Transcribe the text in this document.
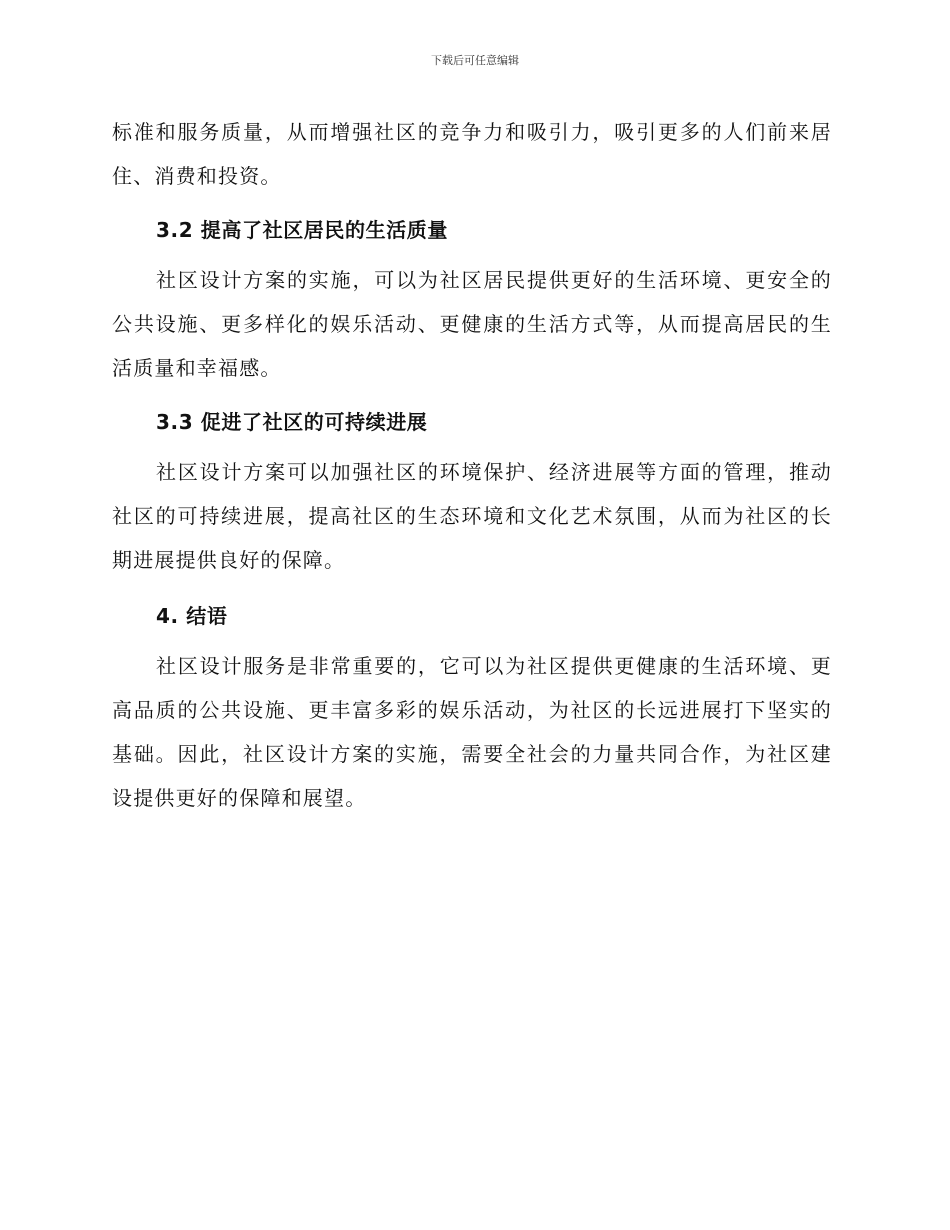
下载后可任意编辑

标准和服务质量，从而增强社区的竞争力和吸引力，吸引更多的人们前来居住、消费和投资。

3.2 提高了社区居民的生活质量

社区设计方案的实施，可以为社区居民提供更好的生活环境、更安全的公共设施、更多样化的娱乐活动、更健康的生活方式等，从而提高居民的生活质量和幸福感。

3.3 促进了社区的可持续进展

社区设计方案可以加强社区的环境保护、经济进展等方面的管理，推动社区的可持续进展，提高社区的生态环境和文化艺术氛围，从而为社区的长期进展提供良好的保障。

4. 结语

社区设计服务是非常重要的，它可以为社区提供更健康的生活环境、更高品质的公共设施、更丰富多彩的娱乐活动，为社区的长远进展打下坚实的基础。因此，社区设计方案的实施，需要全社会的力量共同合作，为社区建设提供更好的保障和展望。
